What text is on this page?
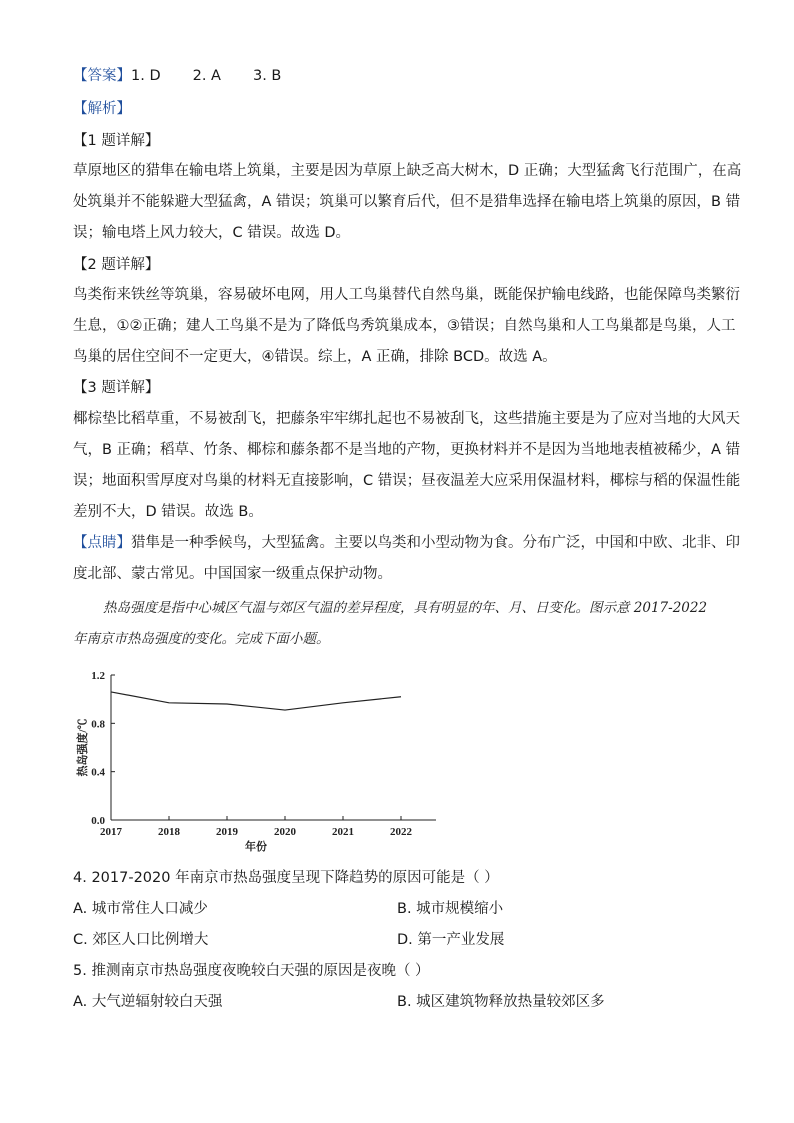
【答案】1. D 2. A 3. B
【解析】
【1 题详解】
草原地区的猎隼在输电塔上筑巢，主要是因为草原上缺乏高大树木，D 正确；大型猛禽飞行范围广，在高
处筑巢并不能躲避大型猛禽，A 错误；筑巢可以繁育后代，但不是猎隼选择在输电塔上筑巢的原因，B 错
误；输电塔上风力较大，C 错误。故选 D。
【2 题详解】
鸟类衔来铁丝等筑巢，容易破坏电网，用人工鸟巢替代自然鸟巢，既能保护输电线路，也能保障鸟类繁衍
生息，①②正确；建人工鸟巢不是为了降低鸟秀筑巢成本，③错误；自然鸟巢和人工鸟巢都是鸟巢，人工
鸟巢的居住空间不一定更大，④错误。综上，A 正确，排除 BCD。故选 A。
【3 题详解】
椰棕垫比稻草重，不易被刮飞，把藤条牢牢绑扎起也不易被刮飞，这些措施主要是为了应对当地的大风天
气，B 正确；稻草、竹条、椰棕和藤条都不是当地的产物，更换材料并不是因为当地地表植被稀少，A 错
误；地面积雪厚度对鸟巢的材料无直接影响，C 错误；昼夜温差大应采用保温材料，椰棕与稻的保温性能
差别不大，D 错误。故选 B。
【点睛】猎隼是一种季候鸟，大型猛禽。主要以鸟类和小型动物为食。分布广泛，中国和中欧、北非、印
度北部、蒙古常见。中国国家一级重点保护动物。
热岛强度是指中心城区气温与郊区气温的差异程度，具有明显的年、月、日变化。图示意 2017-2022
年南京市热岛强度的变化。完成下面小题。
0.0
0.4
0.8
1.2
2017	2018	2019	2020	2021	2022
年份
热岛强度/℃
4. 2017-2020 年南京市热岛强度呈现下降趋势的原因可能是（ ）
A. 城市常住人口减少	B. 城市规模缩小
C. 郊区人口比例增大	D. 第一产业发展
5. 推测南京市热岛强度夜晚较白天强的原因是夜晚（ ）
A. 大气逆辐射较白天强	B. 城区建筑物释放热量较郊区多
